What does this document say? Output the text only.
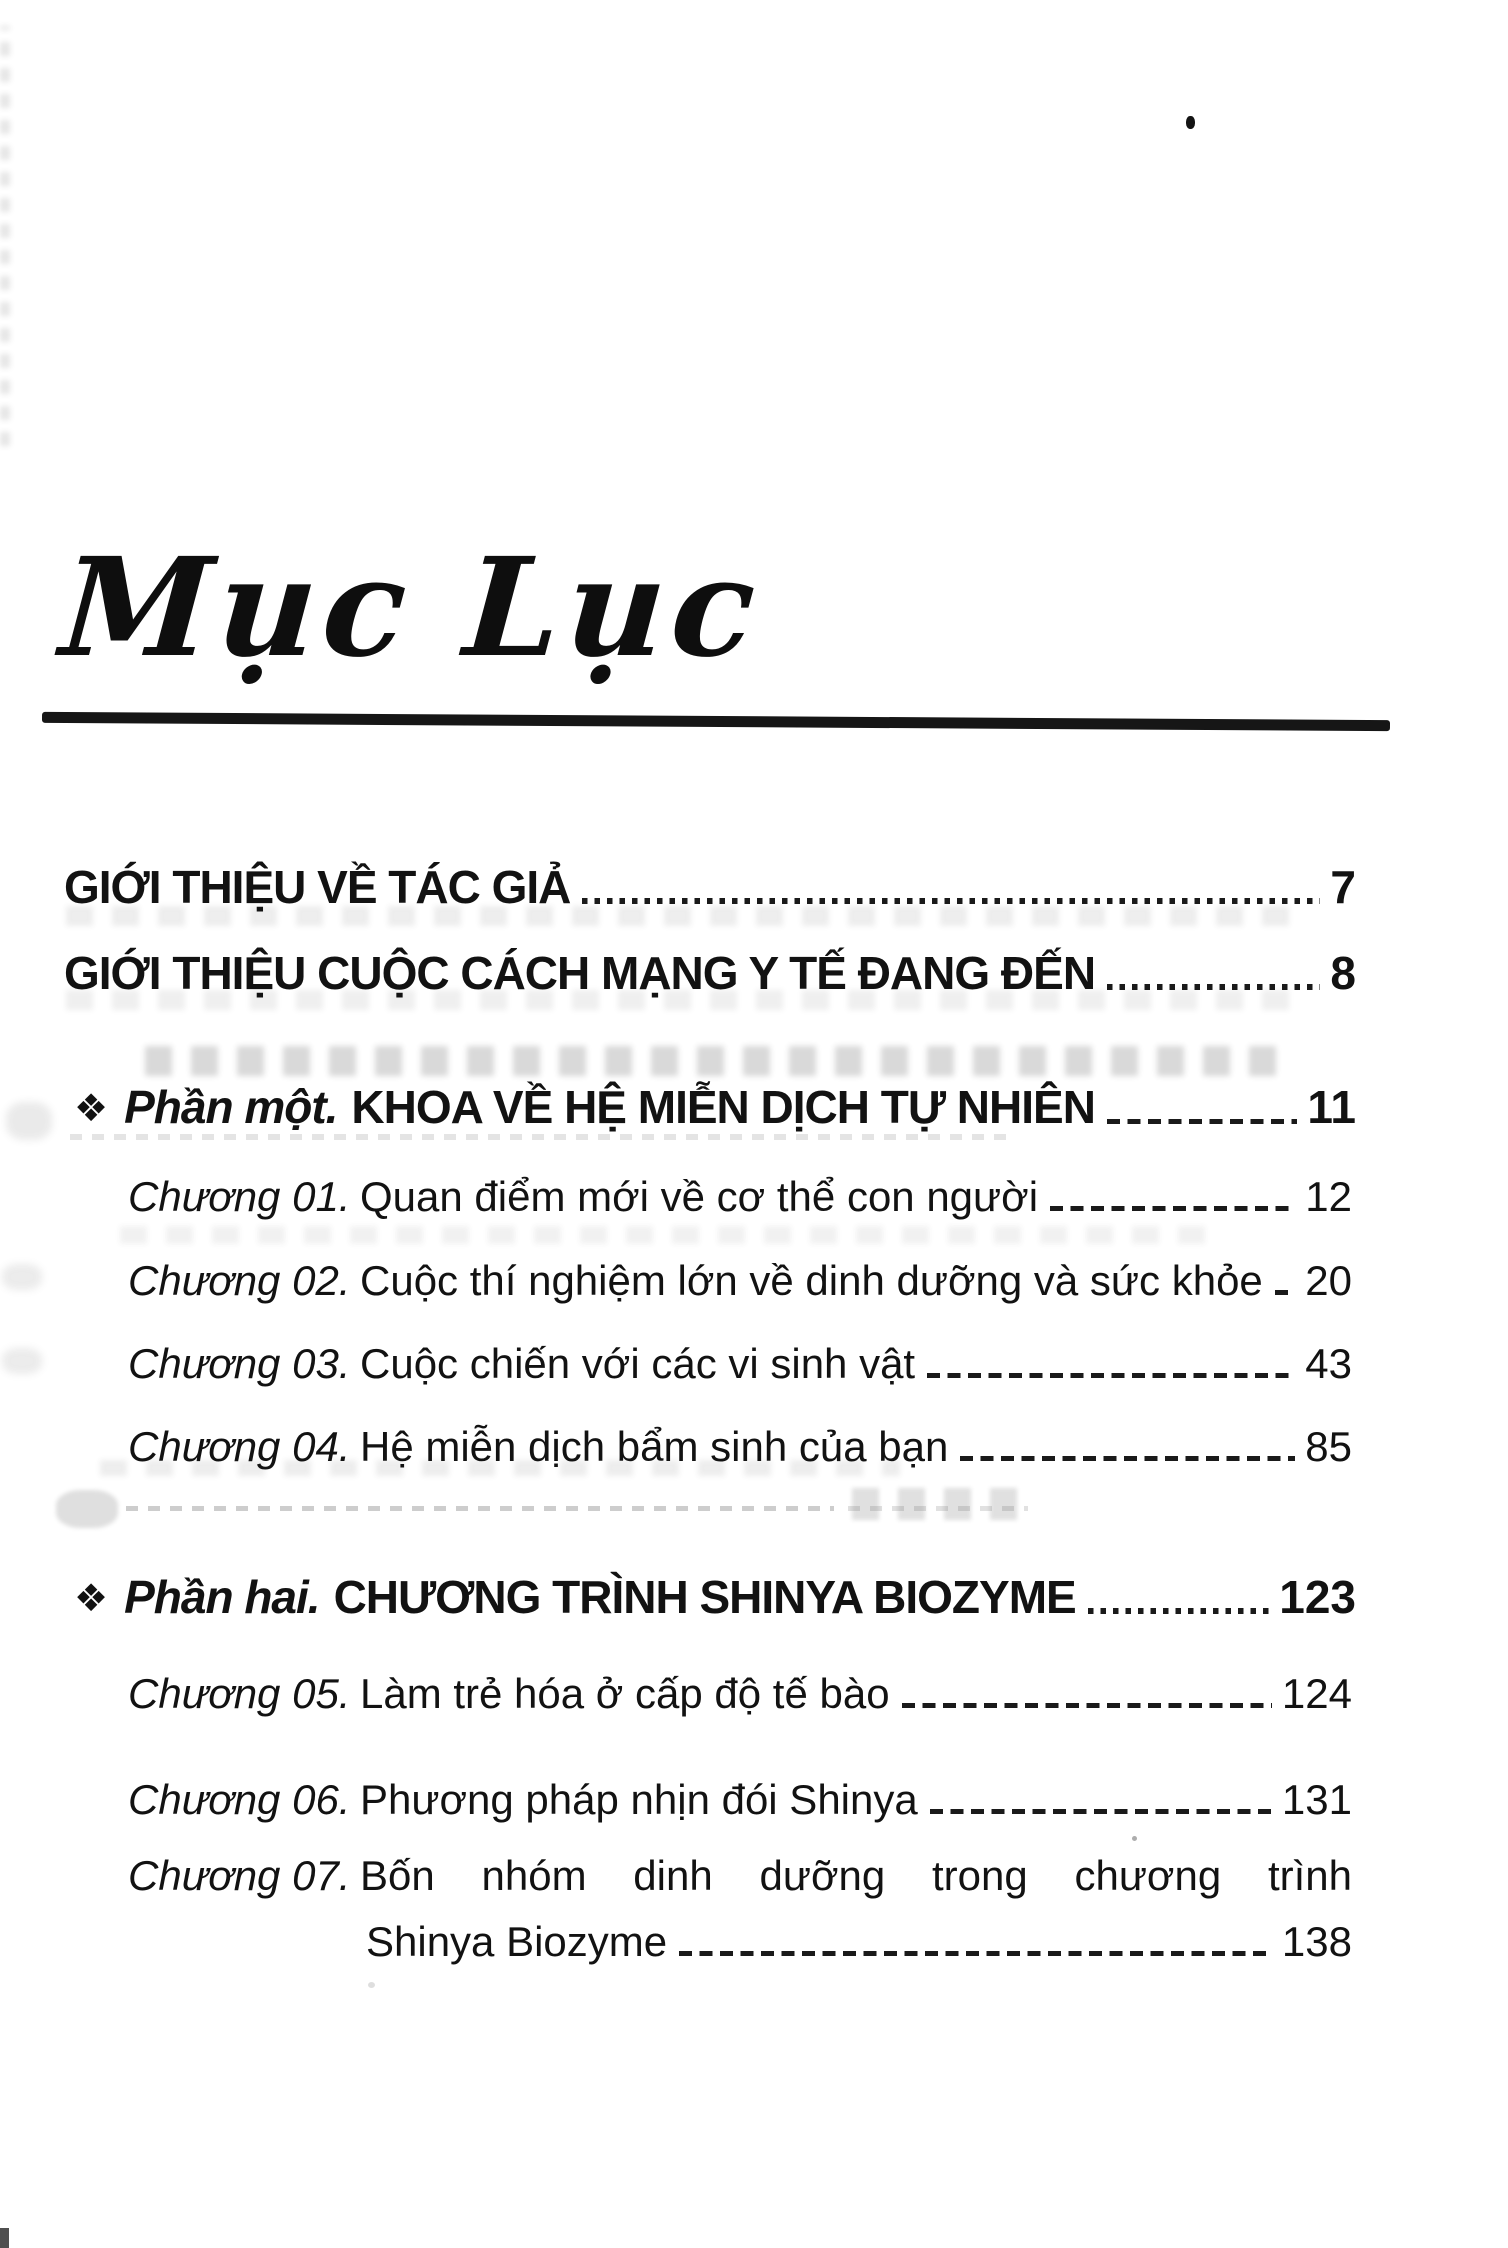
Mục Lục
GIỚI THIỆU VỀ TÁC GIẢ	7
GIỚI THIỆU CUỘC CÁCH MẠNG Y TẾ ĐANG ĐẾN	8
❖ Phần một. KHOA VỀ HỆ MIỄN DỊCH TỰ NHIÊN	11
Chương 01. Quan điểm mới về cơ thể con người	12
Chương 02. Cuộc thí nghiệm lớn về dinh dưỡng và sức khỏe 20
Chương 03. Cuộc chiến với các vi sinh vật	43
Chương 04. Hệ miễn dịch bẩm sinh của bạn	85
❖ Phần hai. CHƯƠNG TRÌNH SHINYA BIOZYME	123
Chương 05. Làm trẻ hóa ở cấp độ tế bào	124
Chương 06. Phương pháp nhịn đói Shinya	131
Chương 07. Bốn nhóm dinh dưỡng trong chương trình
Shinya Biozyme	138
